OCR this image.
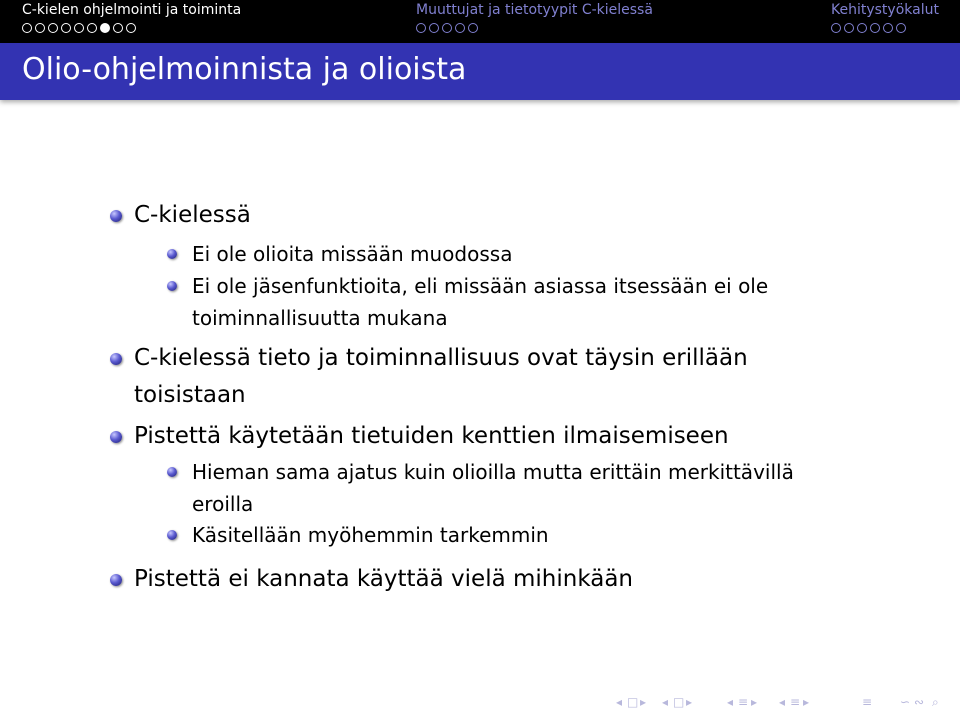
C-kielen ohjelmointi ja toiminta	Muuttujat ja tietotyypit C-kielessä	Kehitystyökalut
Olio-ohjelmoinnista ja olioista
C-kielessä
Ei ole olioita missään muodossa
Ei ole jäsenfunktioita, eli missään asiassa itsessään ei ole
toiminnallisuutta mukana
C-kielessä tieto ja toiminnallisuus ovat täysin erillään
toisistaan
Pistettä käytetään tietuiden kenttien ilmaisemiseen
Hieman sama ajatus kuin olioilla mutta erittäin merkittävillä
eroilla
Käsitellään myöhemmin tarkemmin
Pistettä ei kannata käyttää vielä mihinkään
◂ □ ▸ ◂ □ ▸	◂ ≡ ▸ ◂ ≡ ▸	≡ ∽ ∾ ⌕
